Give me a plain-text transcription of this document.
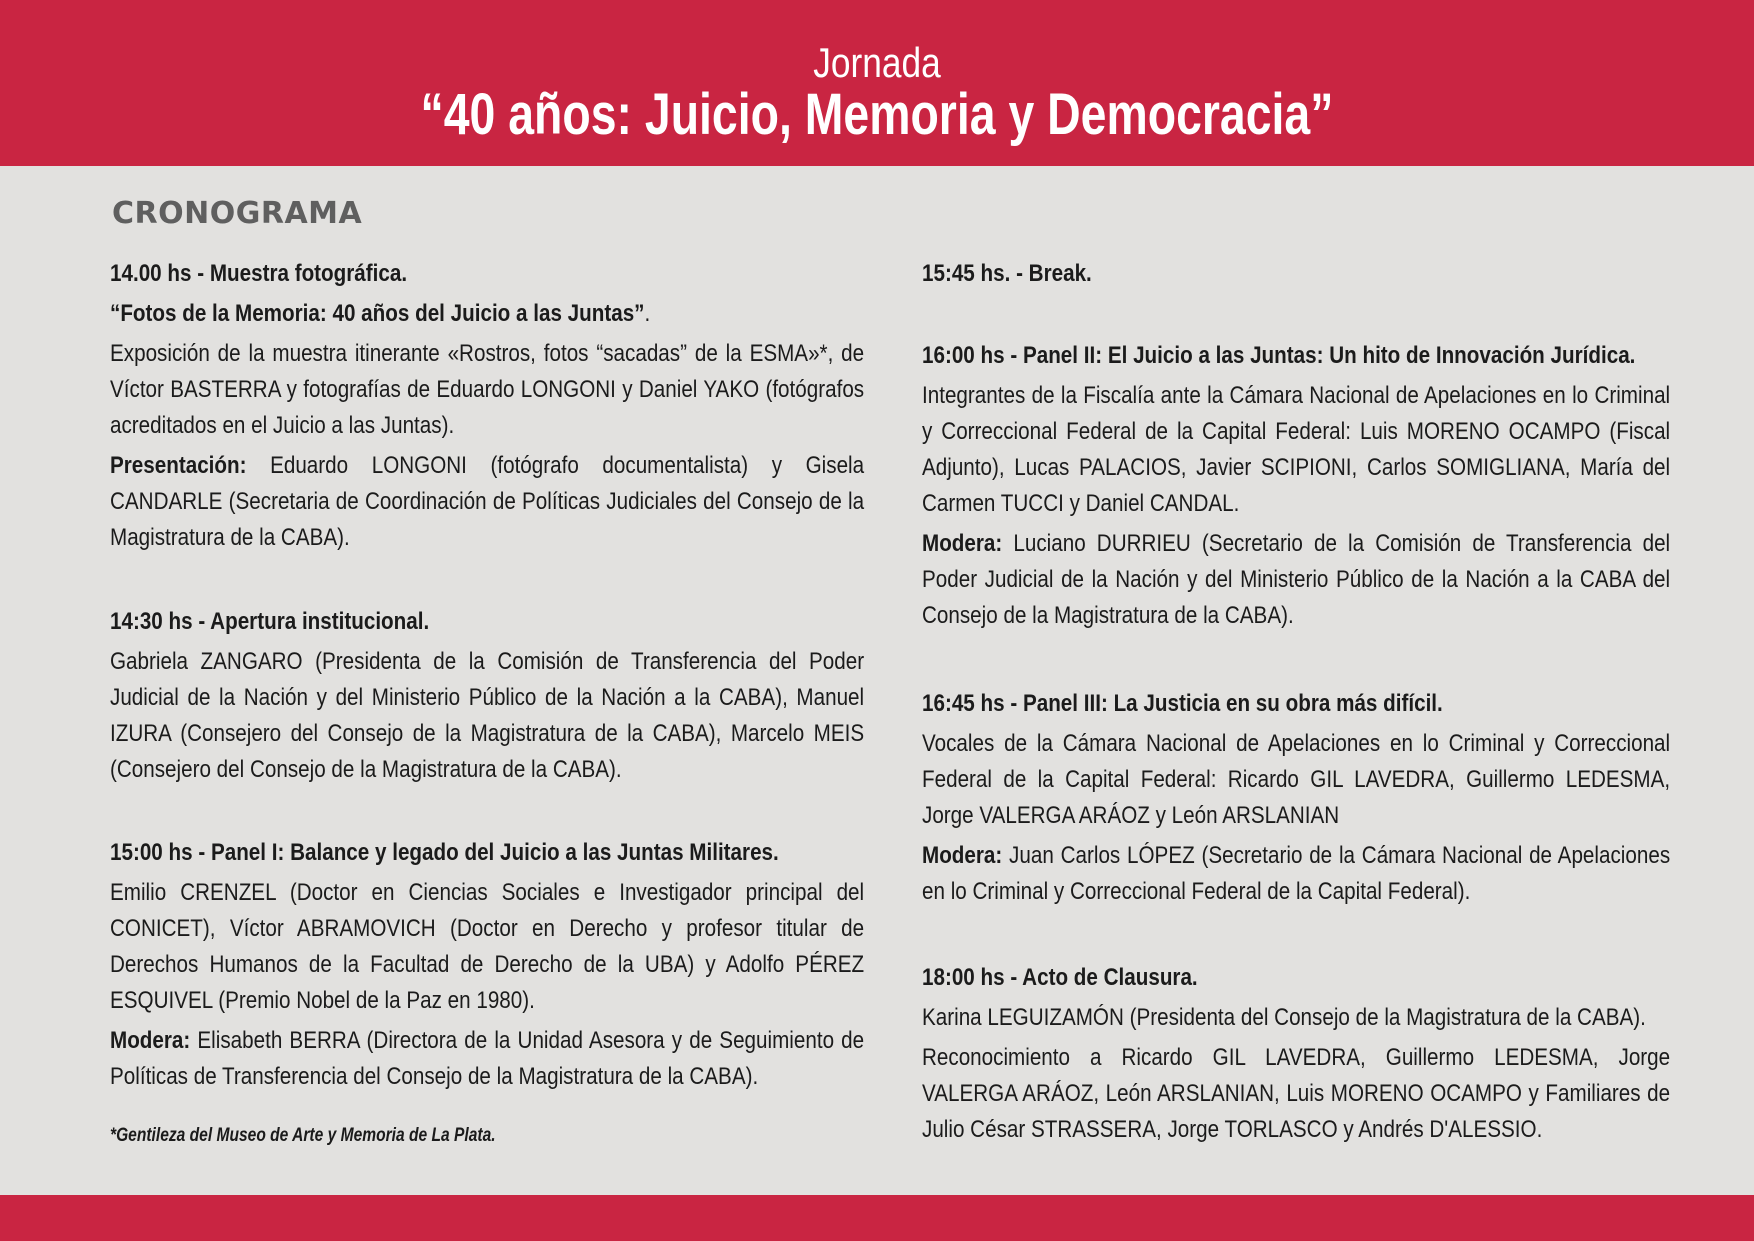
Jornada
“40 años: Juicio, Memoria y Democracia”
CRONOGRAMA

14.00 hs - Muestra fotográfica.

“Fotos de la Memoria: 40 años del Juicio a las Juntas”.

Exposición de la muestra itinerante «Rostros, fotos “sacadas” de la ESMA»*, de Víctor BASTERRA y fotografías de Eduardo LONGONI y Daniel YAKO (fotógrafos acreditados en el Juicio a las Juntas).

Presentación: Eduardo LONGONI (fotógrafo documentalista) y Gisela CANDARLE (Secretaria de Coordinación de Políticas Judiciales del Consejo de la Magistratura de la CABA).

14:30 hs - Apertura institucional.

Gabriela ZANGARO (Presidenta de la Comisión de Transferencia del Poder Judicial de la Nación y del Ministerio Público de la Nación a la CABA), Manuel IZURA (Consejero del Consejo de la Magistratura de la CABA), Marcelo MEIS (Consejero del Consejo de la Magistratura de la CABA).

15:00 hs - Panel I: Balance y legado del Juicio a las Juntas Militares.

Emilio CRENZEL (Doctor en Ciencias Sociales e Investigador principal del CONICET), Víctor ABRAMOVICH (Doctor en Derecho y profesor titular de Derechos Humanos de la Facultad de Derecho de la UBA) y Adolfo PÉREZ ESQUIVEL (Premio Nobel de la Paz en 1980).

Modera: Elisabeth BERRA (Directora de la Unidad Asesora y de Seguimiento de Políticas de Transferencia del Consejo de la Magistratura de la CABA).

*Gentileza del Museo de Arte y Memoria de La Plata.

15:45 hs. - Break.

16:00 hs - Panel II: El Juicio a las Juntas: Un hito de Innovación Jurídica.

Integrantes de la Fiscalía ante la Cámara Nacional de Apelaciones en lo Criminal y Correccional Federal de la Capital Federal: Luis MORENO OCAMPO (Fiscal Adjunto), Lucas PALACIOS, Javier SCIPIONI, Carlos SOMIGLIANA, María del Carmen TUCCI y Daniel CANDAL.

Modera: Luciano DURRIEU (Secretario de la Comisión de Transferencia del Poder Judicial de la Nación y del Ministerio Público de la Nación a la CABA del Consejo de la Magistratura de la CABA).

16:45 hs - Panel III: La Justicia en su obra más difícil.

Vocales de la Cámara Nacional de Apelaciones en lo Criminal y Correccional Federal de la Capital Federal: Ricardo GIL LAVEDRA, Guillermo LEDESMA, Jorge VALERGA ARÁOZ y León ARSLANIAN

Modera: Juan Carlos LÓPEZ (Secretario de la Cámara Nacional de Apelaciones en lo Criminal y Correccional Federal de la Capital Federal).

18:00 hs - Acto de Clausura.

Karina LEGUIZAMÓN (Presidenta del Consejo de la Magistratura de la CABA).

Reconocimiento a Ricardo GIL LAVEDRA, Guillermo LEDESMA, Jorge VALERGA ARÁOZ, León ARSLANIAN, Luis MORENO OCAMPO y Familiares de Julio César STRASSERA, Jorge TORLASCO y Andrés D'ALESSIO.
